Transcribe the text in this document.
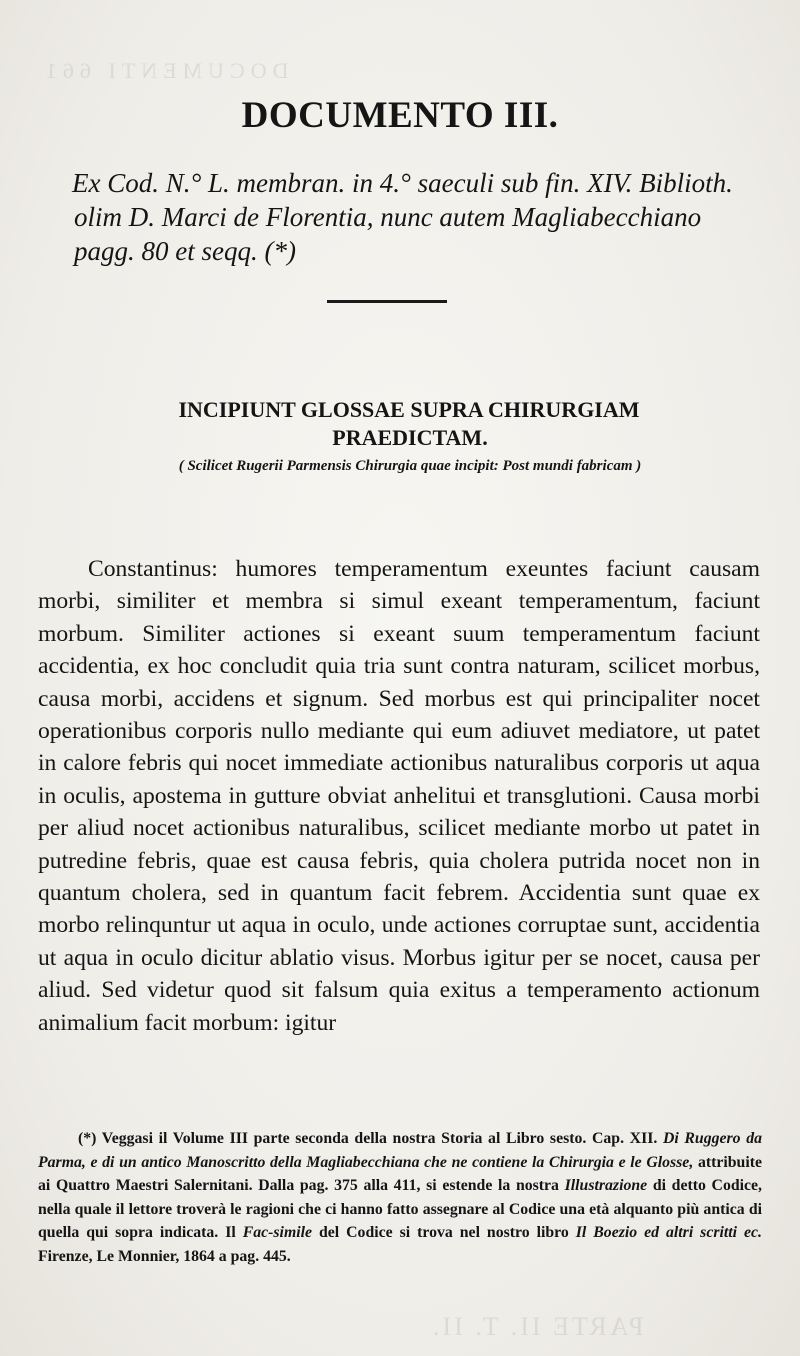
DOCUMENTI 661
PARTE II. T. II.
DOCUMENTO III.

Ex Cod. N.° L. membran. in 4.° saeculi sub fin. XIV. Biblioth.

olim D. Marci de Florentia, nunc autem Magliabecchiano

pagg. 80 et seqq. (*)

INCIPIUNT GLOSSAE SUPRA CHIRURGIAM

PRAEDICTAM.

( Scilicet Rugerii Parmensis Chirurgia quae incipit: Post mundi fabricam )

Constantinus: humores temperamentum exeuntes faciunt causam morbi, similiter et membra si simul exeant temperamentum, faciunt morbum. Similiter actiones si exeant suum temperamentum faciunt accidentia, ex hoc concludit quia tria sunt contra naturam, scilicet morbus, causa morbi, accidens et signum. Sed morbus est qui principaliter nocet operationibus corporis nullo mediante qui eum adiuvet mediatore, ut patet in calore febris qui nocet immediate actionibus naturalibus corporis ut aqua in oculis, apostema in gutture obviat anhelitui et transglutioni. Causa morbi per aliud nocet actionibus naturalibus, scilicet mediante morbo ut patet in putredine febris, quae est causa febris, quia cholera putrida nocet non in quantum cholera, sed in quantum facit febrem. Accidentia sunt quae ex morbo relinquntur ut aqua in oculo, unde actiones corruptae sunt, accidentia ut aqua in oculo dicitur ablatio visus. Morbus igitur per se nocet, causa per aliud. Sed videtur quod sit falsum quia exitus a temperamento actionum animalium facit morbum: igitur

(*) Veggasi il Volume III parte seconda della nostra Storia al Libro sesto. Cap. XII. Di Ruggero da Parma, e di un antico Manoscritto della Magliabecchiana che ne contiene la Chirurgia e le Glosse, attribuite ai Quattro Maestri Salernitani. Dalla pag. 375 alla 411, si estende la nostra Illustrazione di detto Codice, nella quale il lettore troverà le ragioni che ci hanno fatto assegnare al Codice una età alquanto più antica di quella qui sopra indicata. Il Fac-simile del Codice si trova nel nostro libro Il Boezio ed altri scritti ec. Firenze, Le Monnier, 1864 a pag. 445.
